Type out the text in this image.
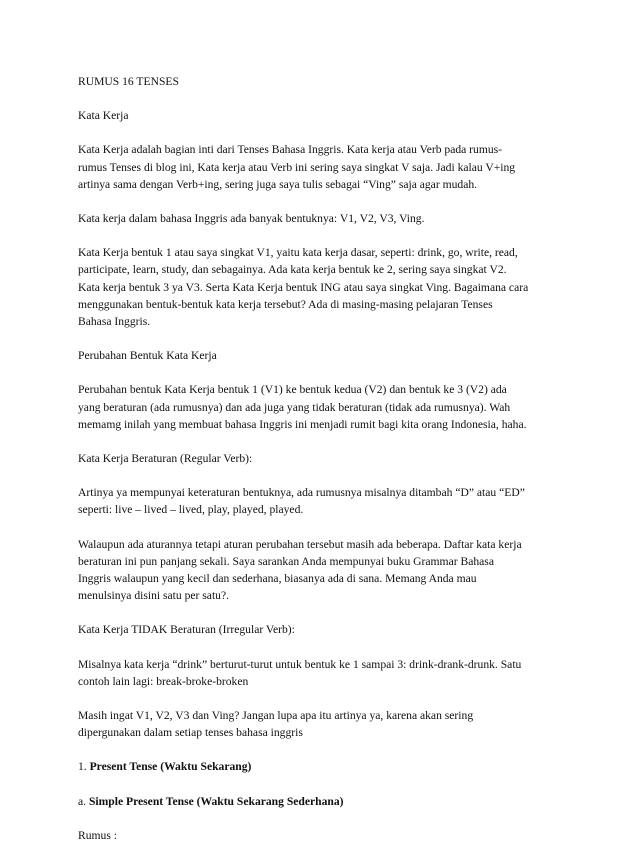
RUMUS 16 TENSES

Kata Kerja

Kata Kerja adalah bagian inti dari Tenses Bahasa Inggris. Kata kerja atau Verb pada rumus-
rumus Tenses di blog ini, Kata kerja atau Verb ini sering saya singkat V saja. Jadi kalau V+ing
artinya sama dengan Verb+ing, sering juga saya tulis sebagai “Ving” saja agar mudah.

Kata kerja dalam bahasa Inggris ada banyak bentuknya: V1, V2, V3, Ving.

Kata Kerja bentuk 1 atau saya singkat V1, yaitu kata kerja dasar, seperti: drink, go, write, read,
participate, learn, study, dan sebagainya. Ada kata kerja bentuk ke 2, sering saya singkat V2.
Kata kerja bentuk 3 ya V3. Serta Kata Kerja bentuk ING atau saya singkat Ving. Bagaimana cara
menggunakan bentuk-bentuk kata kerja tersebut? Ada di masing-masing pelajaran Tenses
Bahasa Inggris.

Perubahan Bentuk Kata Kerja

Perubahan bentuk Kata Kerja bentuk 1 (V1) ke bentuk kedua (V2) dan bentuk ke 3 (V2) ada
yang beraturan (ada rumusnya) dan ada juga yang tidak beraturan (tidak ada rumusnya). Wah
memamg inilah yang membuat bahasa Inggris ini menjadi rumit bagi kita orang Indonesia, haha.

Kata Kerja Beraturan (Regular Verb):

Artinya ya mempunyai keteraturan bentuknya, ada rumusnya misalnya ditambah “D” atau “ED”
seperti: live – lived – lived, play, played, played.

Walaupun ada aturannya tetapi aturan perubahan tersebut masih ada beberapa. Daftar kata kerja
beraturan ini pun panjang sekali. Saya sarankan Anda mempunyai buku Grammar Bahasa
Inggris walaupun yang kecil dan sederhana, biasanya ada di sana. Memang Anda mau
menulsinya disini satu per satu?.

Kata Kerja TIDAK Beraturan (Irregular Verb):

Misalnya kata kerja “drink” berturut-turut untuk bentuk ke 1 sampai 3: drink-drank-drunk. Satu
contoh lain lagi: break-broke-broken

Masih ingat V1, V2, V3 dan Ving? Jangan lupa apa itu artinya ya, karena akan sering
dipergunakan dalam setiap tenses bahasa inggris

1. Present Tense (Waktu Sekarang)

a. Simple Present Tense (Waktu Sekarang Sederhana)

Rumus :
